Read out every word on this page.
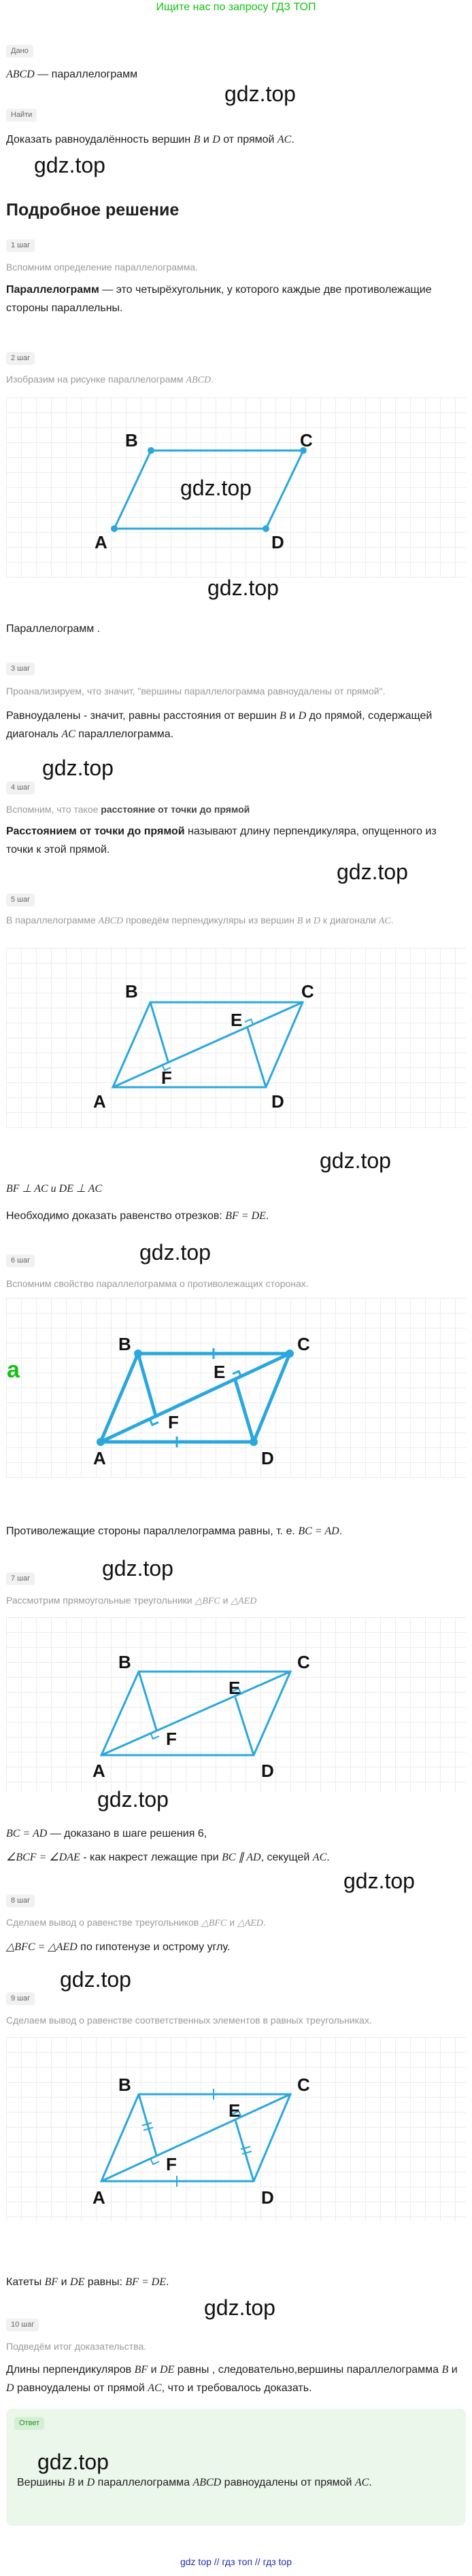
Ищите нас по запросу ГДЗ ТОП
Дано
ABCD — параллелограмм
gdz.top
Найти
Доказать равноудалённость вершин B и D от прямой AC.
gdz.top
Подробное решение
1 шаг
Вспомним определение параллелограмма.
Параллелограмм — это четырёхугольник, у которого каждые две противолежащие стороны параллельны.
2 шаг
Изобразим на рисунке параллелограмм ABCD.
B	C
A	D
gdz.top
gdz.top
Параллелограмм .
3 шаг
Проанализируем, что значит, "вершины параллелограмма равноудалены от прямой".
Равноудалены - значит, равны расстояния от вершин B и D до прямой, содержащей диагональ AC параллелограмма.
gdz.top
4 шаг
Вспомним, что такое расстояние от точки до прямой
Расстоянием от точки до прямой называют длину перпендикуляра, опущенного из точки к этой прямой.
gdz.top
5 шаг
В параллелограмме ABCD проведём перпендикуляры из вершин B и D к диагонали AC.
B	C
A	D
E
F
gdz.top
BF ⊥ AC и DE ⊥ AC
Необходимо доказать равенство отрезков: BF = DE.
6 шаг	gdz.top
Вспомним свойство параллелограмма о противолежащих сторонах.
B	C
A	D
E
F
a
Противолежащие стороны параллелограмма равны, т. е. BC = AD.
gdz.top
7 шаг
Рассмотрим прямоугольные треугольники △BFC и △AED
B	C
A	D
E
F
gdz.top
BC = AD — доказано в шаге решения 6,
∠BCF = ∠DAE - как накрест лежащие при BC ∥ AD, секущей AC.
gdz.top
8 шаг
Сделаем вывод о равенстве треугольников △BFC и △AED.
△BFC = △AED по гипотенузе и острому углу.
gdz.top
9 шаг
Сделаем вывод о равенстве соответственных элементов в равных треугольниках.
B	C
A	D
E
F
Катеты BF и DE равны: BF = DE.
gdz.top
10 шаг
Подведём итог доказательства.
Длины перпендикуляров BF и DE равны , следовательно,вершины параллелограмма B и D равноудалены от прямой AC, что и требовалось доказать.
Ответ
gdz.top
Вершины B и D параллелограмма ABCD равноудалены от прямой AC.
gdz top // гдз топ // гдз top
